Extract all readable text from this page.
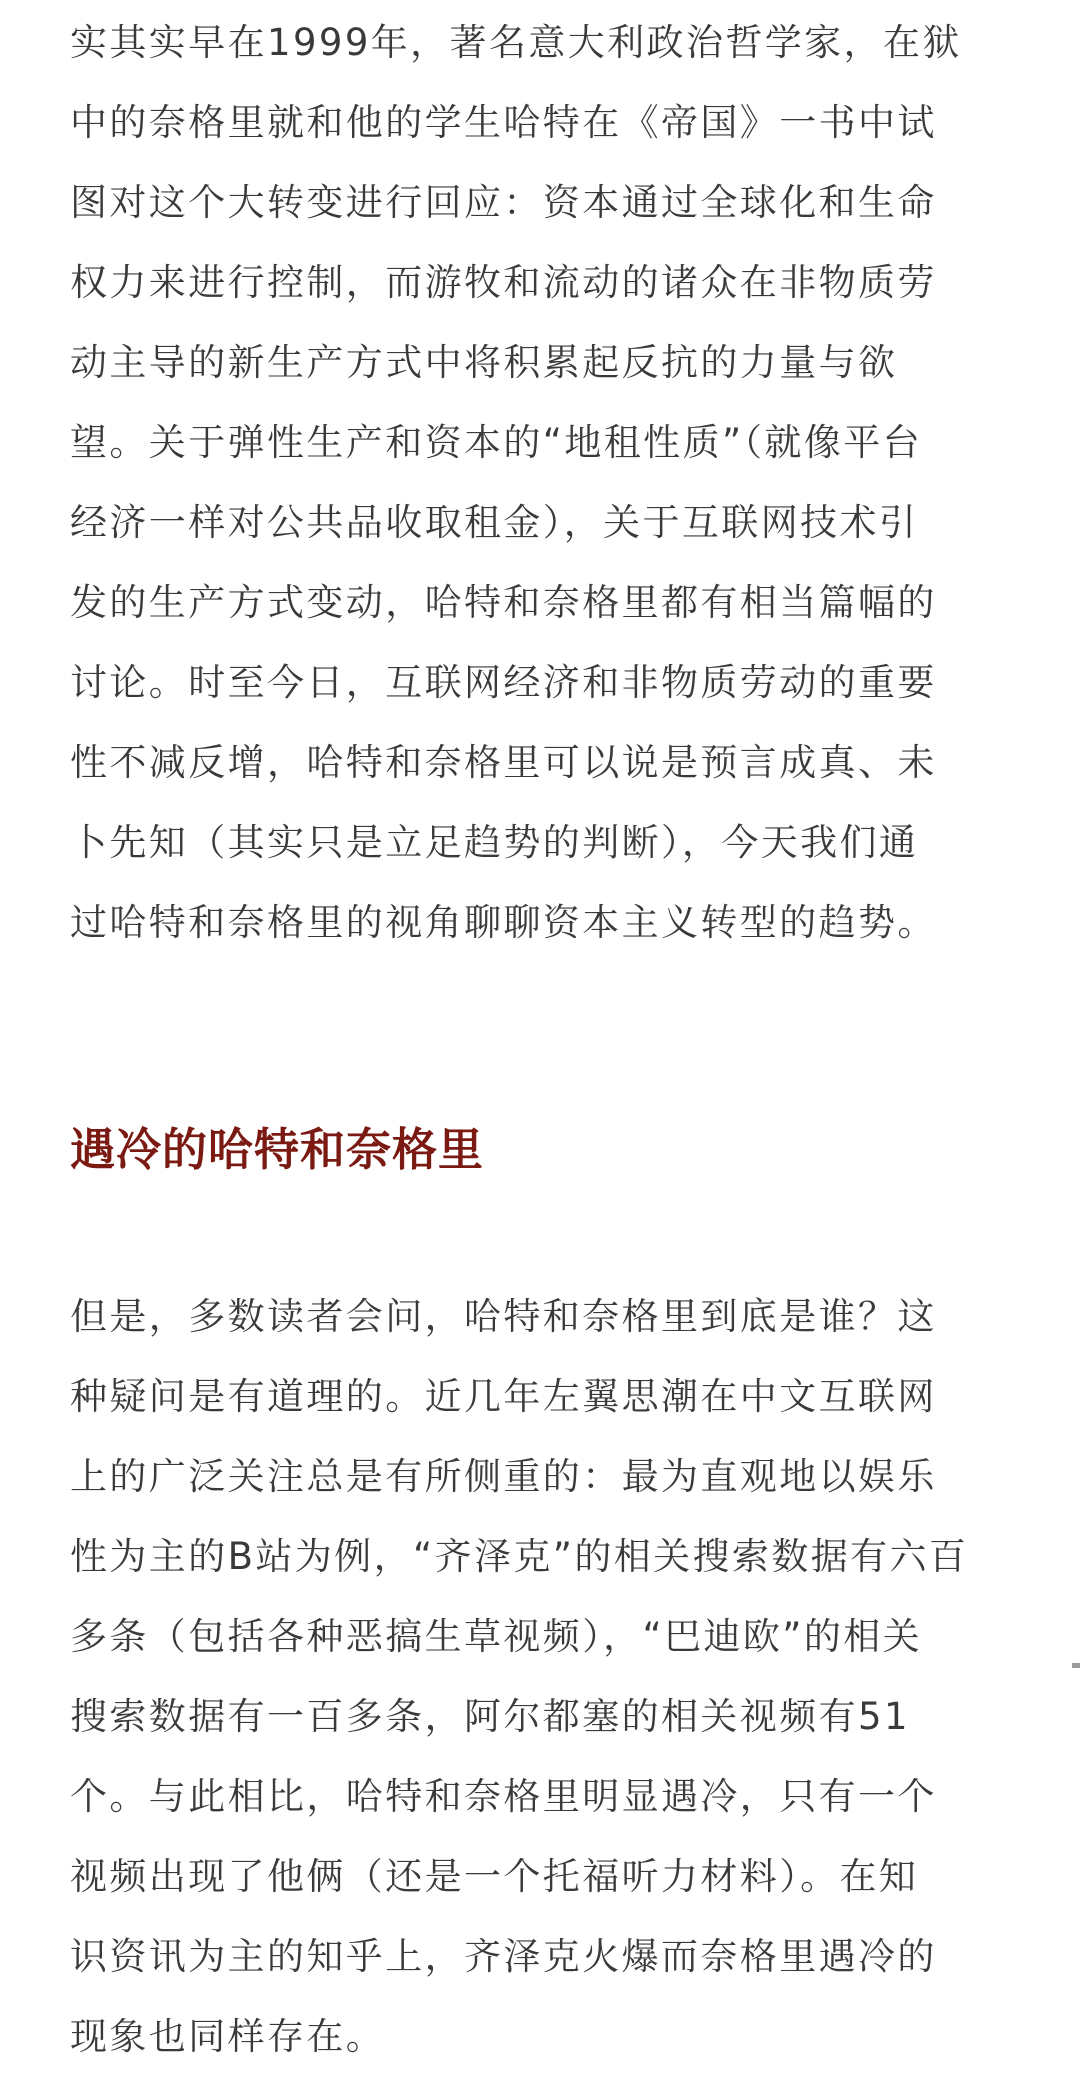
实其实早在1999年，著名意大利政治哲学家，在狱
中的奈格里就和他的学生哈特在《帝国》一书中试
图对这个大转变进行回应：资本通过全球化和生命
权力来进行控制，而游牧和流动的诸众在非物质劳
动主导的新生产方式中将积累起反抗的力量与欲
望。关于弹性生产和资本的“地租性质”（就像平台
经济一样对公共品收取租金），关于互联网技术引
发的生产方式变动，哈特和奈格里都有相当篇幅的
讨论。时至今日，互联网经济和非物质劳动的重要
性不减反增，哈特和奈格里可以说是预言成真、未
卜先知（其实只是立足趋势的判断），今天我们通
过哈特和奈格里的视角聊聊资本主义转型的趋势。

遇冷的哈特和奈格里

但是，多数读者会问，哈特和奈格里到底是谁？这
种疑问是有道理的。近几年左翼思潮在中文互联网
上的广泛关注总是有所侧重的：最为直观地以娱乐
性为主的B站为例，“齐泽克”的相关搜索数据有六百
多条（包括各种恶搞生草视频），“巴迪欧”的相关
搜索数据有一百多条，阿尔都塞的相关视频有51
个。与此相比，哈特和奈格里明显遇冷，只有一个
视频出现了他俩（还是一个托福听力材料）。在知
识资讯为主的知乎上，齐泽克火爆而奈格里遇冷的
现象也同样存在。
